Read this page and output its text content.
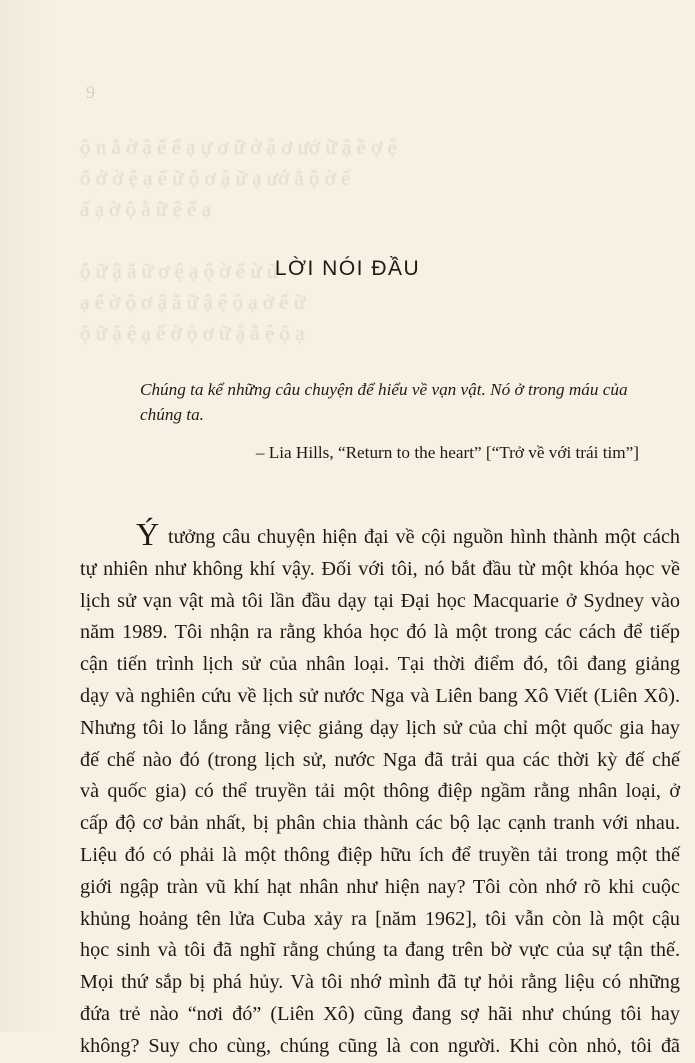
ộ n ằ ờ ậ ế ể ạ ự ơ ữ ở ậ ơ ướ ữ ậ ề ợ ệ
ố ở ờ ệ ạ ể ữ ộ ơ ậ ữ ạ ướ ằ ộ ờ ể
ấ ạ ờ ộ ằ ữ ệ ể ạ
ộ ữ ậ ằ ữ ơ ệ ạ ộ ờ ể ừ ữ
ạ ể ờ ộ ơ ậ ằ ữ ậ ệ ộ ạ ờ ể ữ
ộ ữ ậ ệ ạ ể ờ ộ ơ ữ ậ ằ ệ ộ ạ
9
LỜI NÓI ĐẦU

Chúng ta kể những câu chuyện để hiểu về vạn vật. Nó ở trong máu của
chúng ta.

– Lia Hills, “Return to the heart” [“Trở về với trái tim”]

Ý tưởng câu chuyện hiện đại về cội nguồn hình thành một cách
tự nhiên như không khí vậy. Đối với tôi, nó bắt đầu từ một khóa học về
lịch sử vạn vật mà tôi lần đầu dạy tại Đại học Macquarie ở Sydney vào
năm 1989. Tôi nhận ra rằng khóa học đó là một trong các cách để tiếp
cận tiến trình lịch sử của nhân loại. Tại thời điểm đó, tôi đang giảng
dạy và nghiên cứu về lịch sử nước Nga và Liên bang Xô Viết (Liên Xô).
Nhưng tôi lo lắng rằng việc giảng dạy lịch sử của chỉ một quốc gia hay
đế chế nào đó (trong lịch sử, nước Nga đã trải qua các thời kỳ đế chế
và quốc gia) có thể truyền tải một thông điệp ngầm rằng nhân loại, ở
cấp độ cơ bản nhất, bị phân chia thành các bộ lạc cạnh tranh với nhau.
Liệu đó có phải là một thông điệp hữu ích để truyền tải trong một thế
giới ngập tràn vũ khí hạt nhân như hiện nay? Tôi còn nhớ rõ khi cuộc
khủng hoảng tên lửa Cuba xảy ra [năm 1962], tôi vẫn còn là một cậu
học sinh và tôi đã nghĩ rằng chúng ta đang trên bờ vực của sự tận thế.
Mọi thứ sắp bị phá hủy. Và tôi nhớ mình đã tự hỏi rằng liệu có những
đứa trẻ nào “nơi đó” (Liên Xô) cũng đang sợ hãi như chúng tôi hay
không? Suy cho cùng, chúng cũng là con người. Khi còn nhỏ, tôi đã
